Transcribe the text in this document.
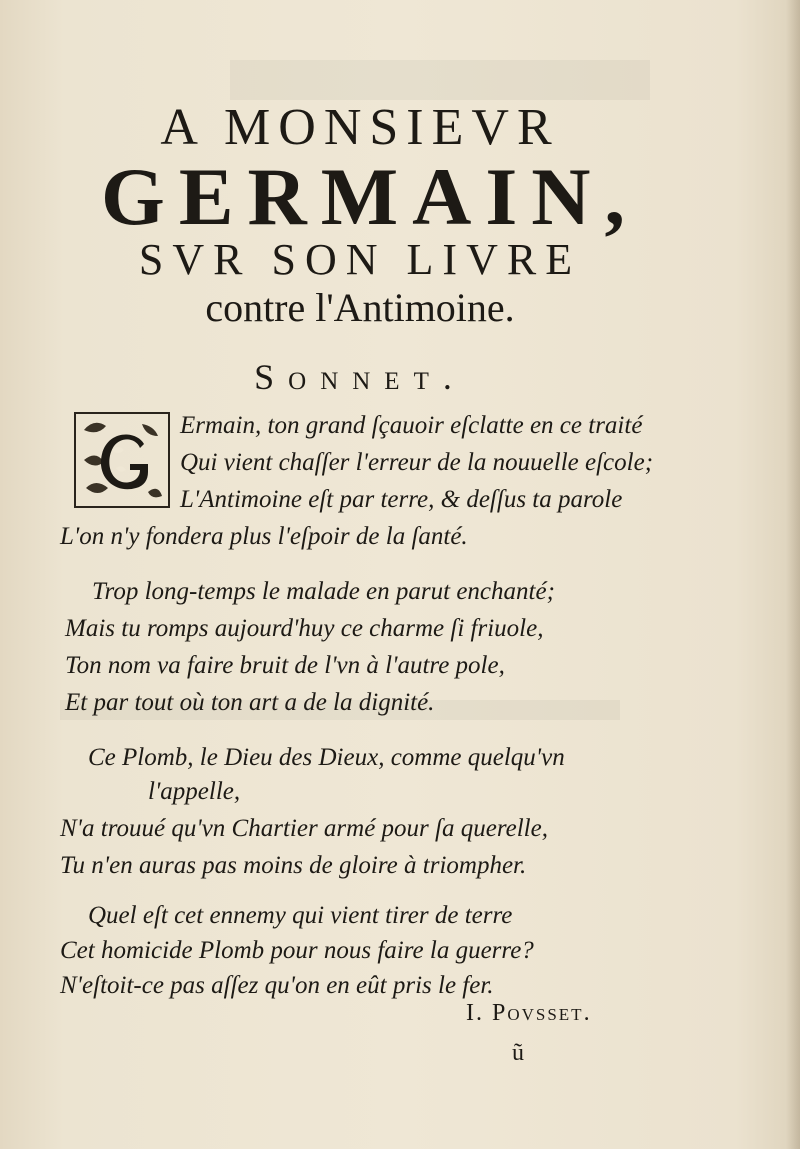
A MONSIEVR
GERMAIN,
SVR SON LIVRE
contre l'Antimoine.
Sonnet.
Ermain, ton grand ſçauoir eſclatte en ce traité
Qui vient chaſſer l'erreur de la nouuelle eſcole;
L'Antimoine eſt par terre, & deſſus ta parole
L'on n'y fondera plus l'eſpoir de la ſanté.
Trop long-temps le malade en parut enchanté;
Mais tu romps aujourd'huy ce charme ſi friuole,
Ton nom va faire bruit de l'vn à l'autre pole,
Et par tout où ton art a de la dignité.
Ce Plomb, le Dieu des Dieux, comme quelqu'vn
l'appelle,
N'a trouué qu'vn Chartier armé pour ſa querelle,
Tu n'en auras pas moins de gloire à triompher.
Quel eſt cet ennemy qui vient tirer de terre
Cet homicide Plomb pour nous faire la guerre?
N'eſtoit-ce pas aſſez qu'on en eût pris le fer.
I. Povsset.
ũ
